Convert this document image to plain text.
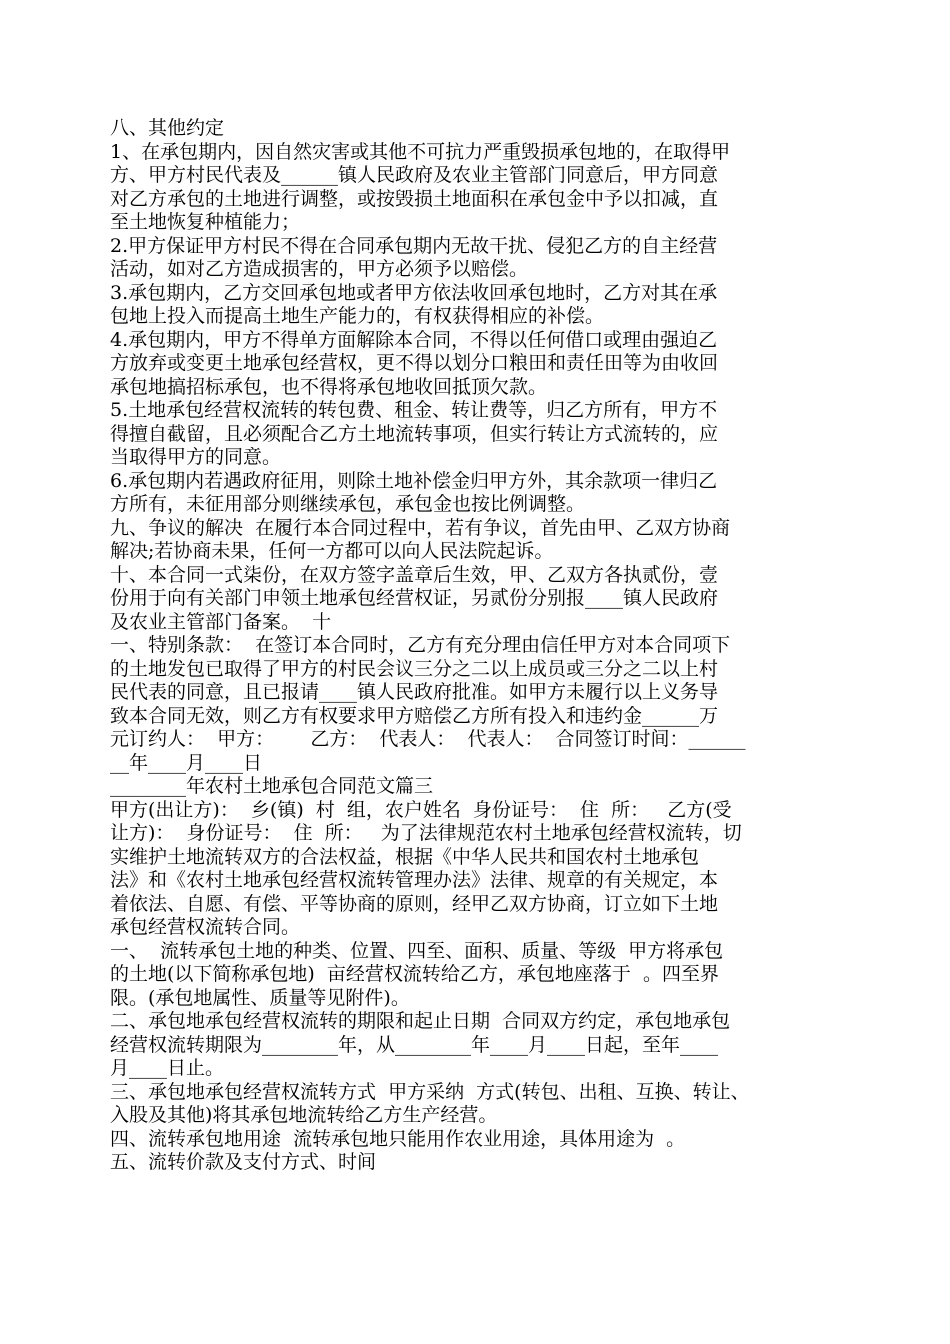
八、其他约定

1、在承包期内，因自然灾害或其他不可抗力严重毁损承包地的，在取得甲

方、甲方村民代表及______镇人民政府及农业主管部门同意后，甲方同意

对乙方承包的土地进行调整，或按毁损土地面积在承包金中予以扣减，直

至土地恢复种植能力；

2.甲方保证甲方村民不得在合同承包期内无故干扰、侵犯乙方的自主经营

活动，如对乙方造成损害的，甲方必须予以赔偿。

3.承包期内，乙方交回承包地或者甲方依法收回承包地时，乙方对其在承

包地上投入而提高土地生产能力的，有权获得相应的补偿。

4.承包期内，甲方不得单方面解除本合同，不得以任何借口或理由强迫乙

方放弃或变更土地承包经营权，更不得以划分口粮田和责任田等为由收回

承包地搞招标承包，也不得将承包地收回抵顶欠款。

5.土地承包经营权流转的转包费、租金、转让费等，归乙方所有，甲方不

得擅自截留，且必须配合乙方土地流转事项，但实行转让方式流转的，应

当取得甲方的同意。

6.承包期内若遇政府征用，则除土地补偿金归甲方外，其余款项一律归乙

方所有，未征用部分则继续承包，承包金也按比例调整。

九、争议的解决  在履行本合同过程中，若有争议，首先由甲、乙双方协商

解决;若协商未果，任何一方都可以向人民法院起诉。

十、本合同一式柒份，在双方签字盖章后生效，甲、乙双方各执贰份，壹

份用于向有关部门申领土地承包经营权证，另贰份分别报____镇人民政府

及农业主管部门备案。  十

一、特别条款：  在签订本合同时，乙方有充分理由信任甲方对本合同项下

的土地发包已取得了甲方的村民会议三分之二以上成员或三分之二以上村

民代表的同意，且已报请____镇人民政府批准。如甲方未履行以上义务导

致本合同无效，则乙方有权要求甲方赔偿乙方所有投入和违约金______万

元订约人：  甲方：      乙方：  代表人：  代表人：  合同签订时间：______

__年____月____日

________年农村土地承包合同范文篇三

甲方(出让方)：  乡(镇)  村  组，农户姓名  身份证号：  住  所：   乙方(受

让方)：  身份证号：  住  所：   为了法律规范农村土地承包经营权流转，切

实维护土地流转双方的合法权益，根据《中华人民共和国农村土地承包

法》和《农村土地承包经营权流转管理办法》法律、规章的有关规定，本

着依法、自愿、有偿、平等协商的原则，经甲乙双方协商，订立如下土地

承包经营权流转合同。

一、  流转承包土地的种类、位置、四至、面积、质量、等级  甲方将承包

的土地(以下简称承包地)  亩经营权流转给乙方，承包地座落于  。四至界

限。(承包地属性、质量等见附件)。

二、承包地承包经营权流转的期限和起止日期  合同双方约定，承包地承包

经营权流转期限为________年，从________年____月____日起，至年____

月____日止。

三、承包地承包经营权流转方式  甲方采纳  方式(转包、出租、互换、转让、

入股及其他)将其承包地流转给乙方生产经营。

四、流转承包地用途  流转承包地只能用作农业用途，具体用途为  。

五、流转价款及支付方式、时间
